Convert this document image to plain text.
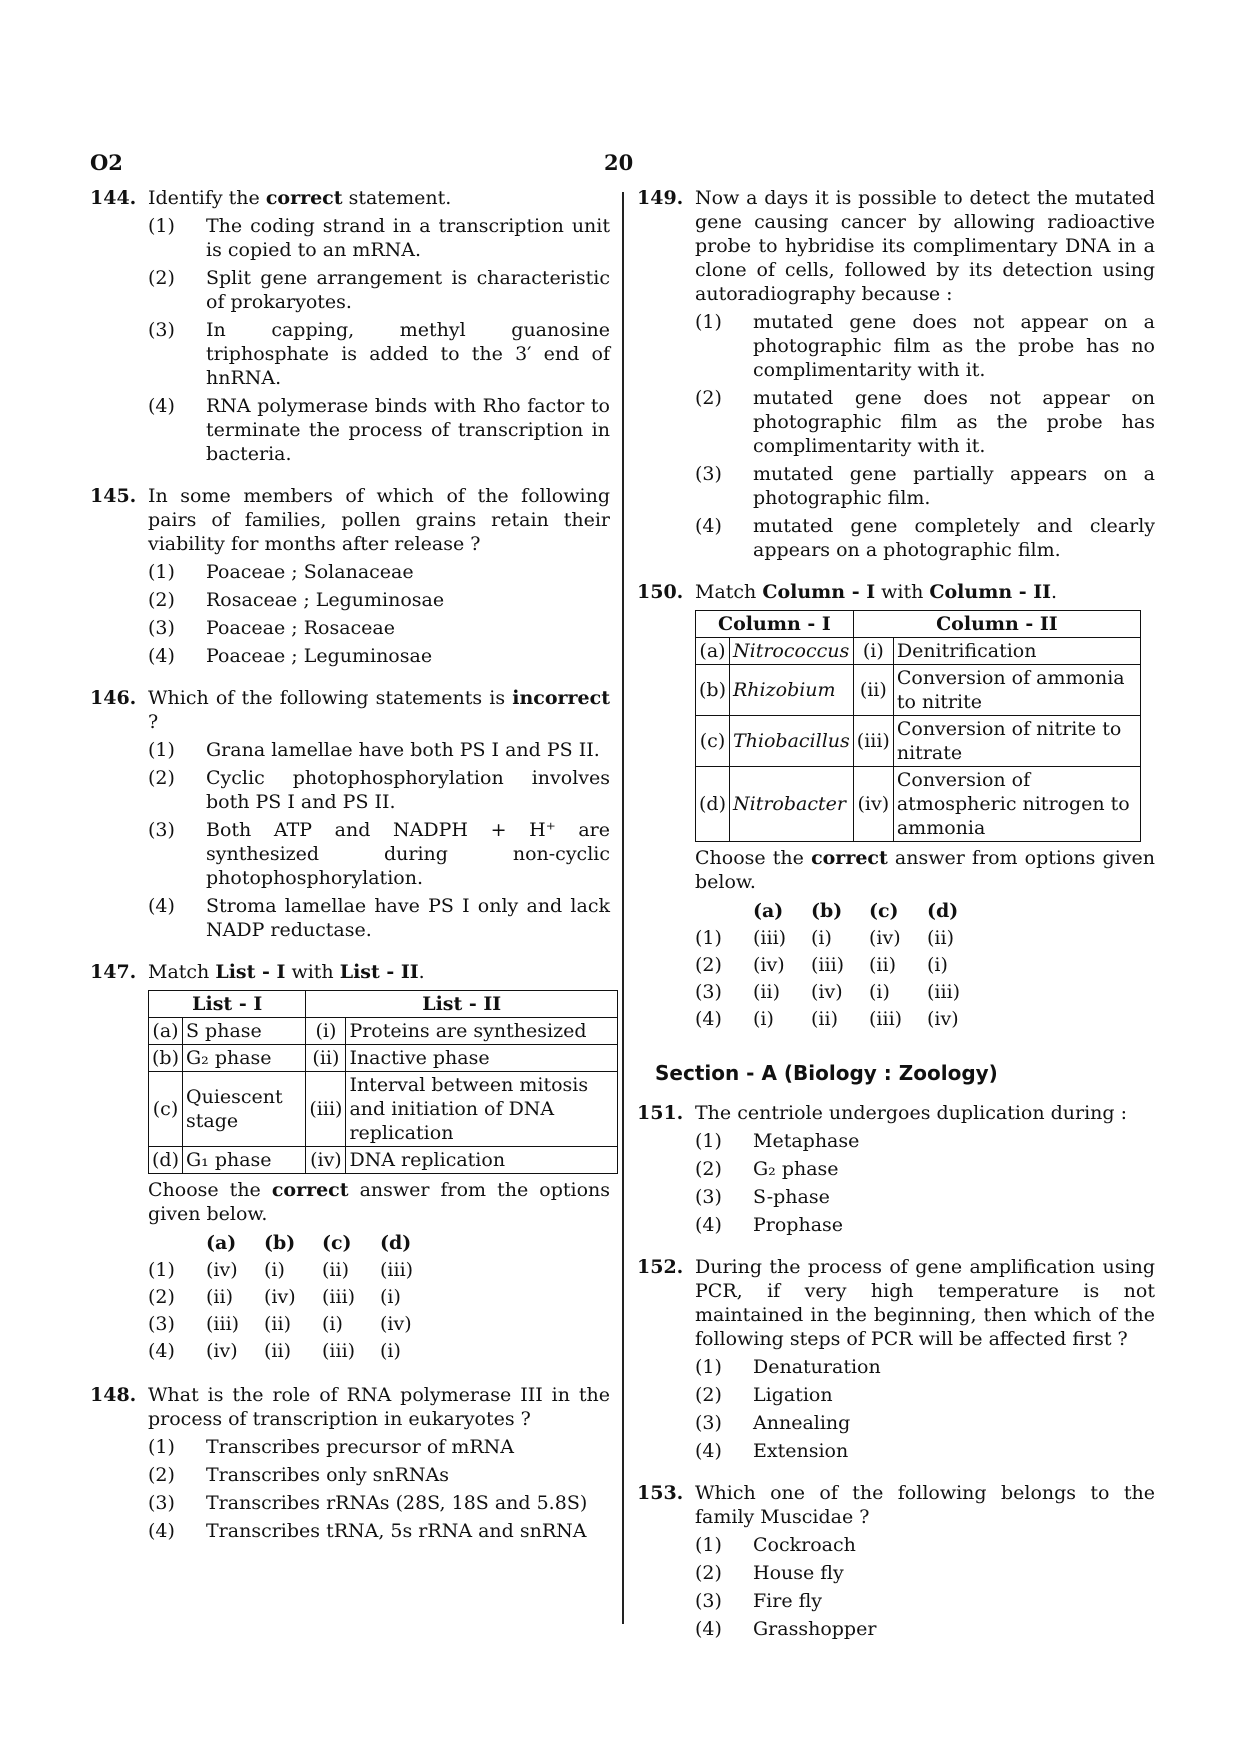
O2	20
144. Identify the correct statement.
(1) The coding strand in a transcription unit is copied to an mRNA.
(2) Split gene arrangement is characteristic of prokaryotes.
(3) In capping, methyl guanosine triphosphate is added to the 3′ end of hnRNA.
(4) RNA polymerase binds with Rho factor to terminate the process of transcription in bacteria.
145. In some members of which of the following pairs of families, pollen grains retain their viability for months after release ?
(1) Poaceae ; Solanaceae
(2) Rosaceae ; Leguminosae
(3) Poaceae ; Rosaceae
(4) Poaceae ; Leguminosae
146. Which of the following statements is incorrect ?
(1) Grana lamellae have both PS I and PS II.
(2) Cyclic photophosphorylation involves both PS I and PS II.
(3) Both ATP and NADPH + H⁺ are synthesized during non-cyclic photophosphorylation.
(4) Stroma lamellae have PS I only and lack NADP reductase.
147. Match List - I with List - II.
List - I		List - II	
(a)	S phase	(i)	Proteins are synthesized
(b)	G₂ phase	(ii)	Inactive phase
(c)	Quiescent stage	(iii)	Interval between mitosis and initiation of DNA replication
(d)	G₁ phase	(iv)	DNA replication
Choose the correct answer from the options given below.
	(a)	(b)	(c)	(d)
(1)	(iv)	(i)	(ii)	(iii)
(2)	(ii)	(iv)	(iii)	(i)
(3)	(iii)	(ii)	(i)	(iv)
(4)	(iv)	(ii)	(iii)	(i)
148. What is the role of RNA polymerase III in the process of transcription in eukaryotes ?
(1) Transcribes precursor of mRNA
(2) Transcribes only snRNAs
(3) Transcribes rRNAs (28S, 18S and 5.8S)
(4) Transcribes tRNA, 5s rRNA and snRNA
149. Now a days it is possible to detect the mutated gene causing cancer by allowing radioactive probe to hybridise its complimentary DNA in a clone of cells, followed by its detection using autoradiography because :
(1) mutated gene does not appear on a photographic film as the probe has no complimentarity with it.
(2) mutated gene does not appear on photographic film as the probe has complimentarity with it.
(3) mutated gene partially appears on a photographic film.
(4) mutated gene completely and clearly appears on a photographic film.
150. Match Column - I with Column - II.
Column - I		Column - II	
(a)	Nitrococcus	(i)	Denitrification
(b)	Rhizobium	(ii)	Conversion of ammonia to nitrite
(c)	Thiobacillus	(iii)	Conversion of nitrite to nitrate
(d)	Nitrobacter	(iv)	Conversion of atmospheric nitrogen to ammonia
Choose the correct answer from options given below.
	(a)	(b)	(c)	(d)
(1)	(iii)	(i)	(iv)	(ii)
(2)	(iv)	(iii)	(ii)	(i)
(3)	(ii)	(iv)	(i)	(iii)
(4)	(i)	(ii)	(iii)	(iv)
Section - A (Biology : Zoology)
151. The centriole undergoes duplication during :
(1) Metaphase
(2) G₂ phase
(3) S-phase
(4) Prophase
152. During the process of gene amplification using PCR, if very high temperature is not maintained in the beginning, then which of the following steps of PCR will be affected first ?
(1) Denaturation
(2) Ligation
(3) Annealing
(4) Extension
153. Which one of the following belongs to the family Muscidae ?
(1) Cockroach
(2) House fly
(3) Fire fly
(4) Grasshopper
